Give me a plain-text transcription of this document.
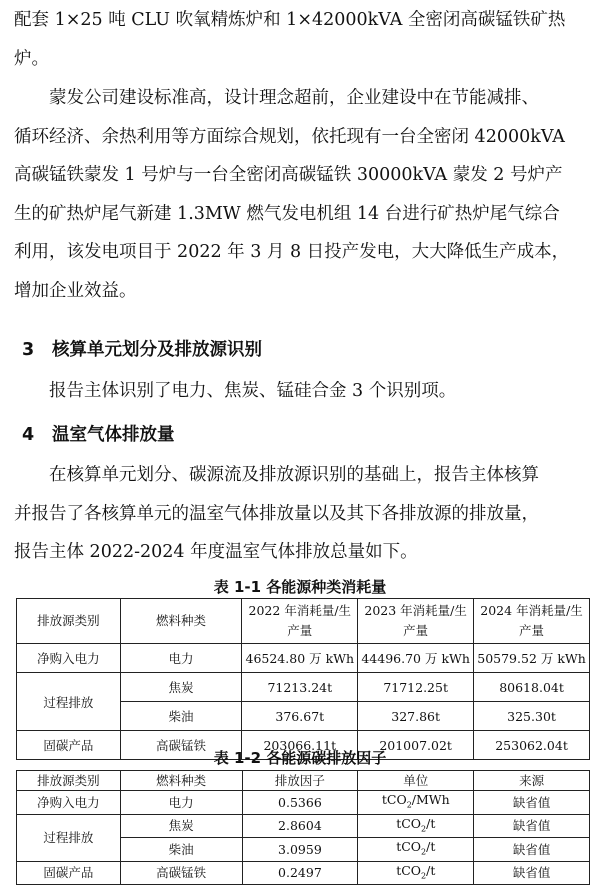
配套 1×25 吨 CLU 吹氧精炼炉和 1×42000kVA 全密闭高碳锰铁矿热
炉。

蒙发公司建设标准高，设计理念超前，企业建设中在节能减排、
循环经济、余热利用等方面综合规划，依托现有一台全密闭 42000kVA
高碳锰铁蒙发 1 号炉与一台全密闭高碳锰铁 30000kVA 蒙发 2 号炉产
生的矿热炉尾气新建 1.3MW 燃气发电机组 14 台进行矿热炉尾气综合
利用，该发电项目于 2022 年 3 月 8 日投产发电，大大降低生产成本，
增加企业效益。

3 核算单元划分及排放源识别

报告主体识别了电力、焦炭、锰硅合金 3 个识别项。

4 温室气体排放量

在核算单元划分、碳源流及排放源识别的基础上，报告主体核算
并报告了各核算单元的温室气体排放量以及其下各排放源的排放量，
报告主体 2022-2024 年度温室气体排放总量如下。

表 1-1 各能源种类消耗量
排放源类别	燃料种类	2022 年消耗量/生产量	2023 年消耗量/生产量	2024 年消耗量/生产量
净购入电力	电力	46524.80 万 kWh	44496.70 万 kWh	50579.52 万 kWh
过程排放	焦炭	71213.24t	71712.25t	80618.04t
	柴油	376.67t	327.86t	325.30t
固碳产品	高碳锰铁	203066.11t	201007.02t	253062.04t
表 1-2 各能源碳排放因子
排放源类别	燃料种类	排放因子	单位	来源
净购入电力	电力	0.5366	tCO$_2$/MWh	缺省值
过程排放	焦炭	2.8604	tCO$_2$/t	缺省值
	柴油	3.0959	tCO$_2$/t	缺省值
固碳产品	高碳锰铁	0.2497	tCO$_2$/t	缺省值
